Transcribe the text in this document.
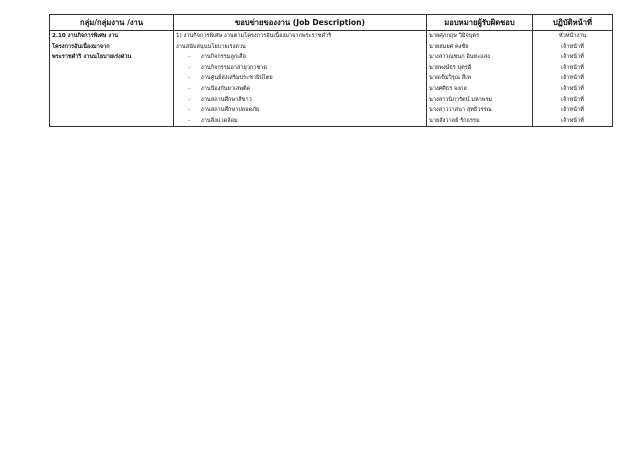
กลุ่ม/กลุ่มงาน /งาน	ขอบข่ายของงาน (Job Description)	มอบหมายผู้รับผิดชอบ	ปฏิบัติหน้าที่
2.10 งานกิจการพิเศษ งาน	1) งานกิจการพิเศษ งานตามโครงการอันเนื่องมาจากพระราชดำริ	นายศุภกฤษ วิมิจบุตร	หัวหน้างาน
โครงการอันเนื่องมาจาก	งานสนับสนุนนโยบายเร่งด่วน	นายสมยศ คงชัย	เจ้าหน้าที่
พระราชดำริ งานนโยบายเร่งด่วน	- งานกิจกรรมลูกเสือ	นางสาวณชนก อินทะแสง	เจ้าหน้าที่
	- งานกิจกรรมอาสายุวกาชาด	นายพงษ์ธร บุตรดี	เจ้าหน้าที่
	- งานศูนย์ส่งเสริมประชาธิปไตย	นายเข็มวิรุณ สีเท	เจ้าหน้าที่
	- งานป้องกันยาเสพติด	นางศศิธร จงกล	เจ้าหน้าที่
	- งานสถานศึกษาสีขาว	นางสาวนิภารัตน์ มหาพรม	เจ้าหน้าที่
	- งานสถานศึกษาปลอดภัย	นางสาววาสนา สุทธิวรรณ	เจ้าหน้าที่
	- งานสิ่งแวดล้อม	นายสังวาลย์ รักธรรม	เจ้าหน้าที่
